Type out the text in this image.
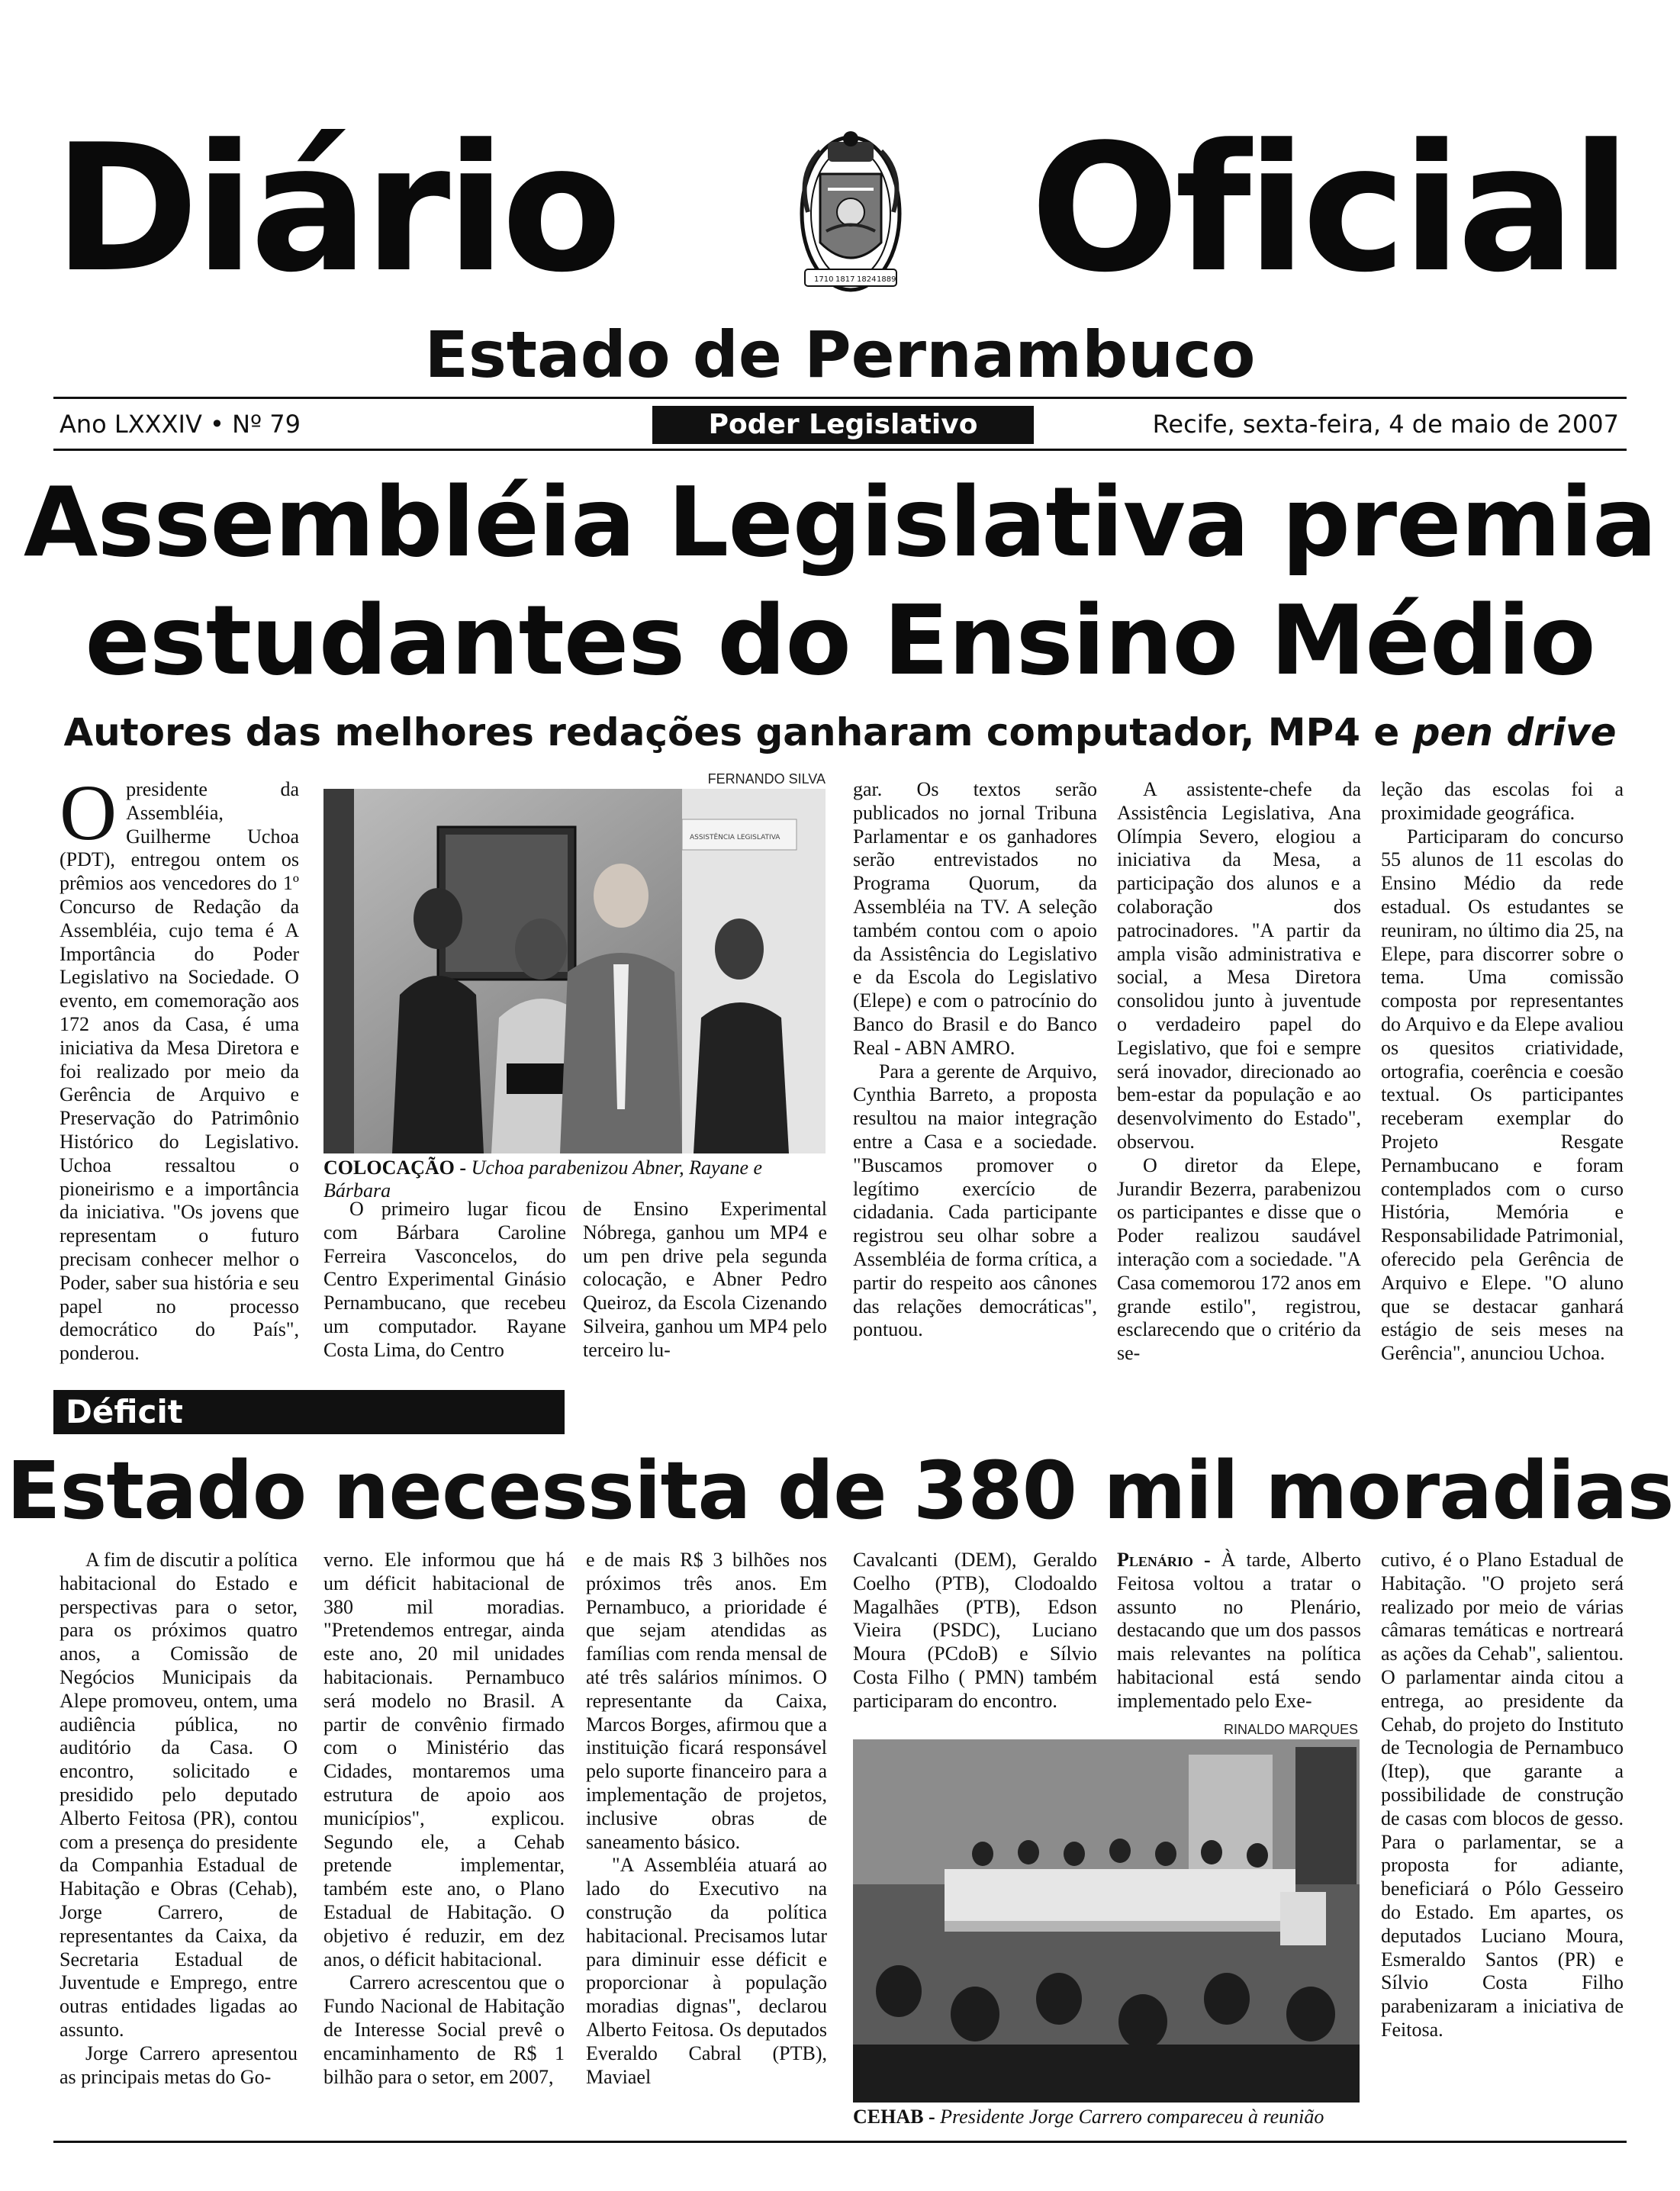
Diário	1710 1817 1824 1889 Oficial
Estado de Pernambuco
Ano LXXXIV • Nº 79	Poder Legislativo	Recife, sexta-feira, 4 de maio de 2007
Assembléia Legislativa premia
estudantes do Ensino Médio
Autores das melhores redações ganharam computador, MP4 e pen drive

Opresidente da Assembléia, Guilherme Uchoa (PDT), entregou ontem os prêmios aos vencedores do 1º Concurso de Redação da Assembléia, cujo tema é A Importância do Poder Legislativo na Sociedade. O evento, em comemoração aos 172 anos da Casa, é uma iniciativa da Mesa Diretora e foi realizado por meio da Gerência de Arquivo e Preservação do Patrimônio Histórico do Legislativo. Uchoa ressaltou o pioneirismo e a importância da iniciativa. "Os jovens que representam o futuro precisam conhecer melhor o Poder, saber sua história e seu papel no processo democrático do País", ponderou.

FERNANDO SILVA
ASSISTÊNCIA LEGISLATIVA
COLOCAÇÃO - Uchoa parabenizou Abner, Rayane e Bárbara

O primeiro lugar ficou com Bárbara Caroline Ferreira Vasconcelos, do Centro Experimental Ginásio Pernambucano, que recebeu um computador. Rayane Costa Lima, do Centro

de Ensino Experimental Nóbrega, ganhou um MP4 e um pen drive pela segunda colocação, e Abner Pedro Queiroz, da Escola Cizenando Silveira, ganhou um MP4 pelo terceiro lu-

gar. Os textos serão publicados no jornal Tribuna Parlamentar e os ganhadores serão entrevistados no Programa Quorum, da Assembléia na TV. A seleção também contou com o apoio da Assistência do Legislativo e da Escola do Legislativo (Elepe) e com o patrocínio do Banco do Brasil e do Banco Real - ABN AMRO.

Para a gerente de Arquivo, Cynthia Barreto, a proposta resultou na maior integração entre a Casa e a sociedade. "Buscamos promover o legítimo exercício de cidadania. Cada participante registrou seu olhar sobre a Assembléia de forma crítica, a partir do respeito aos cânones das relações democráticas", pontuou.

A assistente-chefe da Assistência Legislativa, Ana Olímpia Severo, elogiou a iniciativa da Mesa, a participação dos alunos e a colaboração dos patrocinadores. "A partir da ampla visão administrativa e social, a Mesa Diretora consolidou junto à juventude o verdadeiro papel do Legislativo, que foi e sempre será inovador, direcionado ao bem-estar da população e ao desenvolvimento do Estado", observou.

O diretor da Elepe, Jurandir Bezerra, parabenizou os participantes e disse que o Poder realizou saudável interação com a sociedade. "A Casa comemorou 172 anos em grande estilo", registrou, esclarecendo que o critério da se-

leção das escolas foi a proximidade geográfica.

Participaram do concurso 55 alunos de 11 escolas do Ensino Médio da rede estadual. Os estudantes se reuniram, no último dia 25, na Elepe, para discorrer sobre o tema. Uma comissão composta por representantes do Arquivo e da Elepe avaliou os quesitos criatividade, ortografia, coerência e coesão textual. Os participantes receberam exemplar do Projeto Resgate Pernambucano e foram contemplados com o curso História, Memória e Responsabilidade Patrimonial, oferecido pela Gerência de Arquivo e Elepe. "O aluno que se destacar ganhará estágio de seis meses na Gerência", anunciou Uchoa.

Déficit
Estado necessita de 380 mil moradias

A fim de discutir a política habitacional do Estado e perspectivas para o setor, para os próximos quatro anos, a Comissão de Negócios Municipais da Alepe promoveu, ontem, uma audiência pública, no auditório da Casa. O encontro, solicitado e presidido pelo deputado Alberto Feitosa (PR), contou com a presença do presidente da Companhia Estadual de Habitação e Obras (Cehab), Jorge Carrero, de representantes da Caixa, da Secretaria Estadual de Juventude e Emprego, entre outras entidades ligadas ao assunto.

Jorge Carrero apresentou as principais metas do Go-

verno. Ele informou que há um déficit habitacional de 380 mil moradias. "Pretendemos entregar, ainda este ano, 20 mil unidades habitacionais. Pernambuco será modelo no Brasil. A partir de convênio firmado com o Ministério das Cidades, montaremos uma estrutura de apoio aos municípios", explicou. Segundo ele, a Cehab pretende implementar, também este ano, o Plano Estadual de Habitação. O objetivo é reduzir, em dez anos, o déficit habitacional.

Carrero acrescentou que o Fundo Nacional de Habitação de Interesse Social prevê o encaminhamento de R$ 1 bilhão para o setor, em 2007,

e de mais R$ 3 bilhões nos próximos três anos. Em Pernambuco, a prioridade é que sejam atendidas as famílias com renda mensal de até três salários mínimos. O representante da Caixa, Marcos Borges, afirmou que a instituição ficará responsável pelo suporte financeiro para a implementação de projetos, inclusive obras de saneamento básico.

"A Assembléia atuará ao lado do Executivo na construção da política habitacional. Precisamos lutar para diminuir esse déficit e proporcionar à população moradias dignas", declarou Alberto Feitosa. Os deputados Everaldo Cabral (PTB), Maviael

Cavalcanti (DEM), Geraldo Coelho (PTB), Clodoaldo Magalhães (PTB), Edson Vieira (PSDC), Luciano Moura (PCdoB) e Sílvio Costa Filho ( PMN) também participaram do encontro.

Plenário - À tarde, Alberto Feitosa voltou a tratar o assunto no Plenário, destacando que um dos passos mais relevantes na política habitacional está sendo implementado pelo Exe-

RINALDO MARQUES
CEHAB - Presidente Jorge Carrero compareceu à reunião

cutivo, é o Plano Estadual de Habitação. "O projeto será realizado por meio de várias câmaras temáticas e nortreará as ações da Cehab", salientou. O parlamentar ainda citou a entrega, ao presidente da Cehab, do projeto do Instituto de Tecnologia de Pernambuco (Itep), que garante a possibilidade de construção de casas com blocos de gesso. Para o parlamentar, se a proposta for adiante, beneficiará o Pólo Gesseiro do Estado. Em apartes, os deputados Luciano Moura, Esmeraldo Santos (PR) e Sílvio Costa Filho parabenizaram a iniciativa de Feitosa.
